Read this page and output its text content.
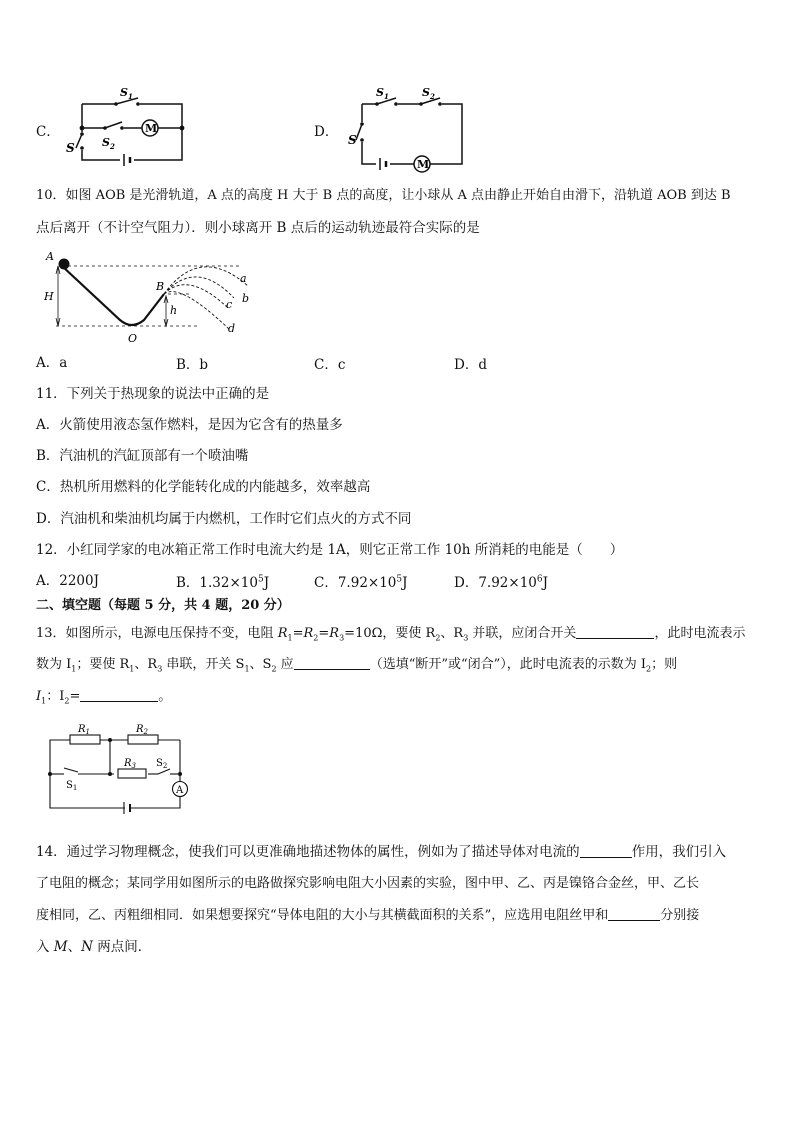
C．	M
$S_1$
$S_2$
S
D．
M
$S_1$	$S_2$
S
10．如图 AOB 是光滑轨道，A 点的高度 H 大于 B 点的高度，让小球从 A 点由静止开始自由滑下，沿轨道 AOB 到达 B
点后离开（不计空气阻力）．则小球离开 B 点后的运动轨迹最符合实际的是
A
H
B
h
O
a
b
c
d
A．a	B．b	C．c	D．d
11．下列关于热现象的说法中正确的是
A．火箭使用液态氢作燃料，是因为它含有的热量多
B．汽油机的汽缸顶部有一个喷油嘴
C．热机所用燃料的化学能转化成的内能越多，效率越高
D．汽油机和柴油机均属于内燃机，工作时它们点火的方式不同
12．小红同学家的电冰箱正常工作时电流大约是 1A，则它正常工作 10h 所消耗的电能是（　　）
A．2200J	B．$1.32\times 10^5J$	C．$7.92\times 10^5J$	D．$7.92\times 10^6J$
二、填空题（每题 5 分，共 4 题，20 分）
13．如图所示，电源电压保持不变，电阻 $R_1=R_2=R_3=10\Omega$，要使 $R_2$、$R_3$ 并联，应闭合开关	，此时电流表示
数为 $I_1$；要使 $R_1$、$R_3$ 串联，开关 $S_1$、$S_2$ 应	（选填“断开”或“闭合”），此时电流表的示数为 $I_2$；则
$I_1$：$I_2=$	。
A
$R_1$	$R_2$
$R_3$ $S_2$
$S_1$
14．通过学习物理概念，使我们可以更准确地描述物体的属性，例如为了描述导体对电流的	作用，我们引入
了电阻的概念；某同学用如图所示的电路做探究影响电阻大小因素的实验，图中甲、乙、丙是镍铬合金丝，甲、乙长
度相同，乙、丙粗细相同．如果想要探究“导体电阻的大小与其横截面积的关系”，应选用电阻丝甲和	分别接
入 M、N 两点间．
